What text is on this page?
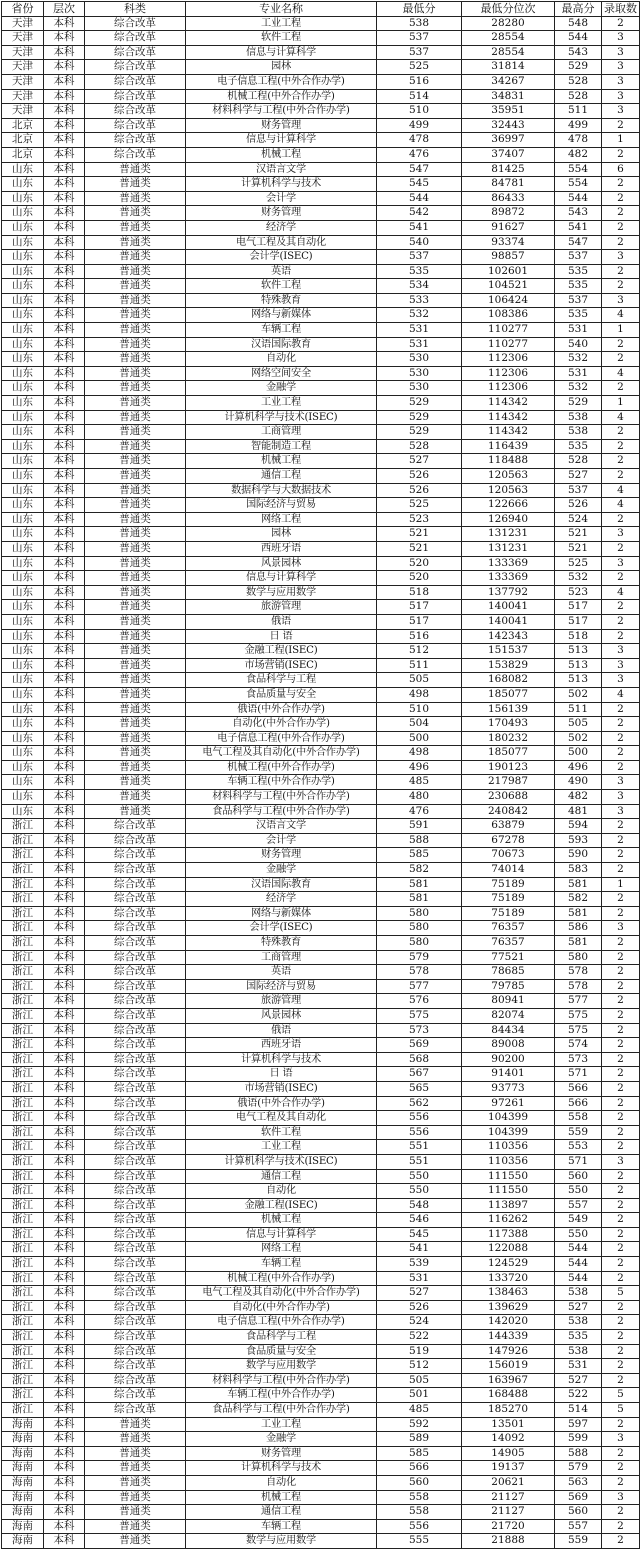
省份	层次	科类	专业名称	最低分	最低分位次	最高分	录取数
天津	本科	综合改革	工业工程	538	28280	548	2
天津	本科	综合改革	软件工程	537	28554	544	3
天津	本科	综合改革	信息与计算科学	537	28554	543	3
天津	本科	综合改革	园林	525	31814	529	3
天津	本科	综合改革	电子信息工程(中外合作办学)	516	34267	528	3
天津	本科	综合改革	机械工程(中外合作办学)	514	34831	528	3
天津	本科	综合改革	材料科学与工程(中外合作办学)	510	35951	511	3
北京	本科	综合改革	财务管理	499	32443	499	2
北京	本科	综合改革	信息与计算科学	478	36997	478	1
北京	本科	综合改革	机械工程	476	37407	482	2
山东	本科	普通类	汉语言文学	547	81425	554	6
山东	本科	普通类	计算机科学与技术	545	84781	554	2
山东	本科	普通类	会计学	544	86433	544	2
山东	本科	普通类	财务管理	542	89872	543	2
山东	本科	普通类	经济学	541	91627	541	2
山东	本科	普通类	电气工程及其自动化	540	93374	547	2
山东	本科	普通类	会计学(ISEC)	537	98857	537	3
山东	本科	普通类	英语	535	102601	535	2
山东	本科	普通类	软件工程	534	104521	535	2
山东	本科	普通类	特殊教育	533	106424	537	3
山东	本科	普通类	网络与新媒体	532	108386	535	4
山东	本科	普通类	车辆工程	531	110277	531	1
山东	本科	普通类	汉语国际教育	531	110277	540	2
山东	本科	普通类	自动化	530	112306	532	2
山东	本科	普通类	网络空间安全	530	112306	531	4
山东	本科	普通类	金融学	530	112306	532	2
山东	本科	普通类	工业工程	529	114342	529	1
山东	本科	普通类	计算机科学与技术(ISEC)	529	114342	538	4
山东	本科	普通类	工商管理	529	114342	538	2
山东	本科	普通类	智能制造工程	528	116439	535	2
山东	本科	普通类	机械工程	527	118488	528	2
山东	本科	普通类	通信工程	526	120563	527	2
山东	本科	普通类	数据科学与大数据技术	526	120563	537	4
山东	本科	普通类	国际经济与贸易	525	122666	526	4
山东	本科	普通类	网络工程	523	126940	524	2
山东	本科	普通类	园林	521	131231	521	3
山东	本科	普通类	西班牙语	521	131231	521	2
山东	本科	普通类	风景园林	520	133369	525	3
山东	本科	普通类	信息与计算科学	520	133369	532	2
山东	本科	普通类	数学与应用数学	518	137792	523	4
山东	本科	普通类	旅游管理	517	140041	517	2
山东	本科	普通类	俄语	517	140041	517	2
山东	本科	普通类	日 语	516	142343	518	2
山东	本科	普通类	金融工程(ISEC)	512	151537	513	3
山东	本科	普通类	市场营销(ISEC)	511	153829	513	3
山东	本科	普通类	食品科学与工程	505	168082	513	3
山东	本科	普通类	食品质量与安全	498	185077	502	4
山东	本科	普通类	俄语(中外合作办学)	510	156139	511	2
山东	本科	普通类	自动化(中外合作办学)	504	170493	505	2
山东	本科	普通类	电子信息工程(中外合作办学)	500	180232	502	2
山东	本科	普通类	电气工程及其自动化(中外合作办学)	498	185077	500	2
山东	本科	普通类	机械工程(中外合作办学)	496	190123	496	2
山东	本科	普通类	车辆工程(中外合作办学)	485	217987	490	3
山东	本科	普通类	材料科学与工程(中外合作办学)	480	230688	482	3
山东	本科	普通类	食品科学与工程(中外合作办学)	476	240842	481	3
浙江	本科	综合改革	汉语言文学	591	63879	594	2
浙江	本科	综合改革	会计学	588	67278	593	2
浙江	本科	综合改革	财务管理	585	70673	590	2
浙江	本科	综合改革	金融学	582	74014	583	2
浙江	本科	综合改革	汉语国际教育	581	75189	581	1
浙江	本科	综合改革	经济学	581	75189	582	2
浙江	本科	综合改革	网络与新媒体	580	75189	581	2
浙江	本科	综合改革	会计学(ISEC)	580	76357	586	3
浙江	本科	综合改革	特殊教育	580	76357	581	2
浙江	本科	综合改革	工商管理	579	77521	580	2
浙江	本科	综合改革	英语	578	78685	578	2
浙江	本科	综合改革	国际经济与贸易	577	79785	578	2
浙江	本科	综合改革	旅游管理	576	80941	577	2
浙江	本科	综合改革	风景园林	575	82074	575	2
浙江	本科	综合改革	俄语	573	84434	575	2
浙江	本科	综合改革	西班牙语	569	89008	574	2
浙江	本科	综合改革	计算机科学与技术	568	90200	573	2
浙江	本科	综合改革	日 语	567	91401	571	2
浙江	本科	综合改革	市场营销(ISEC)	565	93773	566	2
浙江	本科	综合改革	俄语(中外合作办学)	562	97261	566	2
浙江	本科	综合改革	电气工程及其自动化	556	104399	558	2
浙江	本科	综合改革	软件工程	556	104399	559	2
浙江	本科	综合改革	工业工程	551	110356	553	2
浙江	本科	综合改革	计算机科学与技术(ISEC)	551	110356	571	3
浙江	本科	综合改革	通信工程	550	111550	560	2
浙江	本科	综合改革	自动化	550	111550	550	2
浙江	本科	综合改革	金融工程(ISEC)	548	113897	557	2
浙江	本科	综合改革	机械工程	546	116262	549	2
浙江	本科	综合改革	信息与计算科学	545	117388	550	2
浙江	本科	综合改革	网络工程	541	122088	544	2
浙江	本科	综合改革	车辆工程	539	124529	544	2
浙江	本科	综合改革	机械工程(中外合作办学)	531	133720	544	2
浙江	本科	综合改革	电气工程及其自动化(中外合作办学)	527	138463	538	5
浙江	本科	综合改革	自动化(中外合作办学)	526	139629	527	2
浙江	本科	综合改革	电子信息工程(中外合作办学)	524	142020	538	2
浙江	本科	综合改革	食品科学与工程	522	144339	535	2
浙江	本科	综合改革	食品质量与安全	519	147926	538	2
浙江	本科	综合改革	数学与应用数学	512	156019	531	2
浙江	本科	综合改革	材料科学与工程(中外合作办学)	505	163967	527	2
浙江	本科	综合改革	车辆工程(中外合作办学)	501	168488	522	5
浙江	本科	综合改革	食品科学与工程(中外合作办学)	485	185270	514	5
海南	本科	普通类	工业工程	592	13501	597	2
海南	本科	普通类	金融学	589	14092	599	3
海南	本科	普通类	财务管理	585	14905	588	2
海南	本科	普通类	计算机科学与技术	566	19137	579	2
海南	本科	普通类	自动化	560	20621	563	2
海南	本科	普通类	机械工程	558	21127	569	3
海南	本科	普通类	通信工程	558	21127	560	2
海南	本科	普通类	车辆工程	556	21720	557	2
海南	本科	普通类	数学与应用数学	555	21888	559	2
